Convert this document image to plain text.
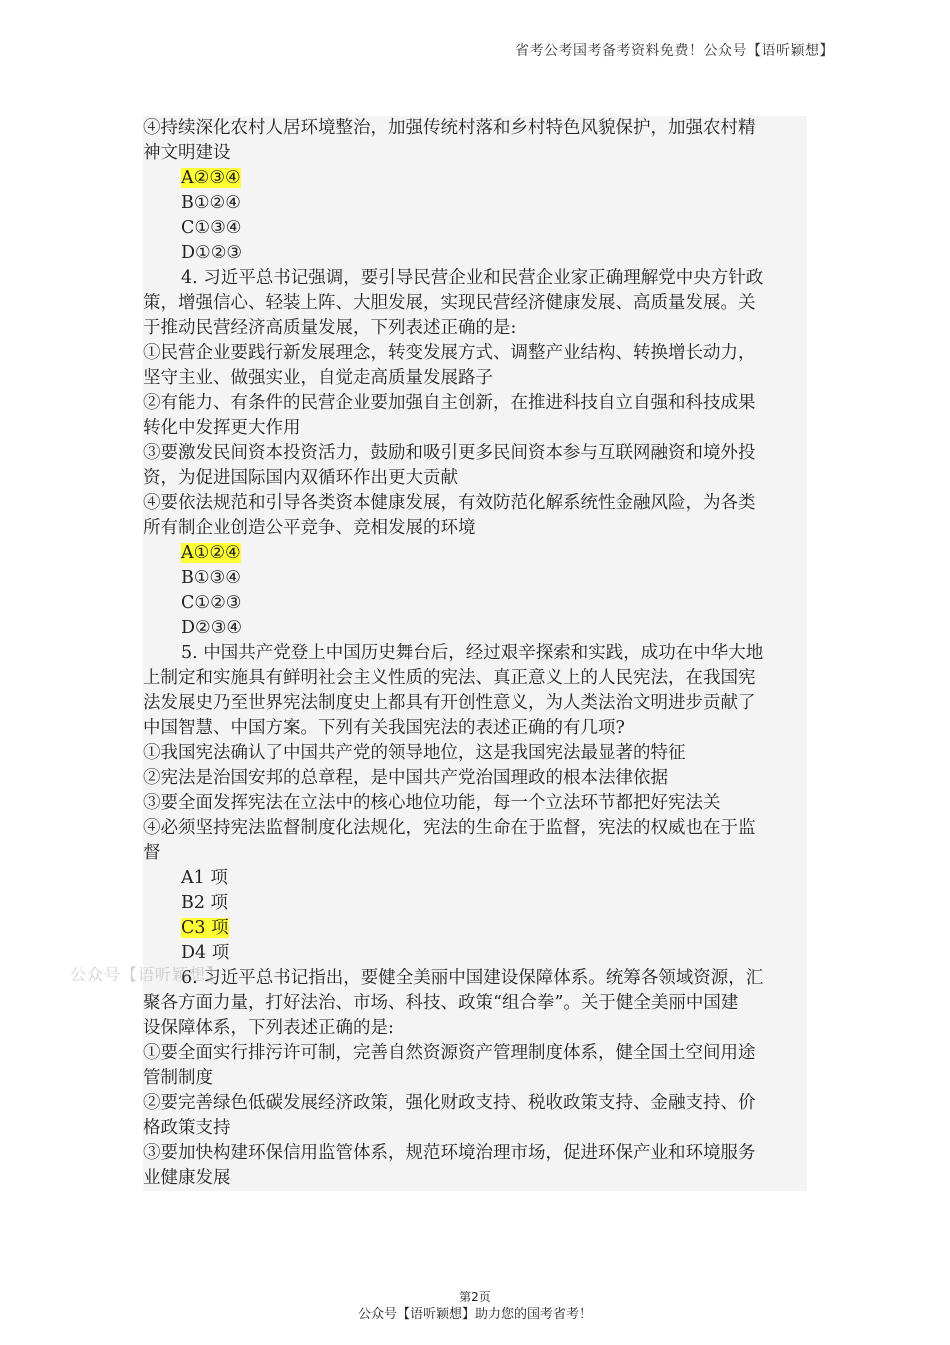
省考公考国考备考资料免费！公众号【语听颖想】
④持续深化农村人居环境整治，加强传统村落和乡村特色风貌保护，加强农村精
神文明建设
A②③④
B①②④
C①③④
D①②③
4. 习近平总书记强调，要引导民营企业和民营企业家正确理解党中央方针政
策，增强信心、轻装上阵、大胆发展，实现民营经济健康发展、高质量发展。关
于推动民营经济高质量发展，下列表述正确的是:
①民营企业要践行新发展理念，转变发展方式、调整产业结构、转换增长动力，
坚守主业、做强实业，自觉走高质量发展路子
②有能力、有条件的民营企业要加强自主创新，在推进科技自立自强和科技成果
转化中发挥更大作用
③要激发民间资本投资活力，鼓励和吸引更多民间资本参与互联网融资和境外投
资，为促进国际国内双循环作出更大贡献
④要依法规范和引导各类资本健康发展，有效防范化解系统性金融风险，为各类
所有制企业创造公平竞争、竞相发展的环境
A①②④
B①③④
C①②③
D②③④
5. 中国共产党登上中国历史舞台后，经过艰辛探索和实践，成功在中华大地
上制定和实施具有鲜明社会主义性质的宪法、真正意义上的人民宪法，在我国宪
法发展史乃至世界宪法制度史上都具有开创性意义，为人类法治文明进步贡献了
中国智慧、中国方案。下列有关我国宪法的表述正确的有几项?
①我国宪法确认了中国共产党的领导地位，这是我国宪法最显著的特征
②宪法是治国安邦的总章程，是中国共产党治国理政的根本法律依据
③要全面发挥宪法在立法中的核心地位功能，每一个立法环节都把好宪法关
④必须坚持宪法监督制度化法规化，宪法的生命在于监督，宪法的权威也在于监
督
A1 项
B2 项
C3 项
D4 项
6. 习近平总书记指出，要健全美丽中国建设保障体系。统筹各领域资源，汇
聚各方面力量，打好法治、市场、科技、政策“组合拳”。关于健全美丽中国建
设保障体系，下列表述正确的是:
①要全面实行排污许可制，完善自然资源资产管理制度体系，健全国土空间用途
管制制度
②要完善绿色低碳发展经济政策，强化财政支持、税收政策支持、金融支持、价
格政策支持
③要加快构建环保信用监管体系，规范环境治理市场，促进环保产业和环境服务
业健康发展
公众号【语听颖想】
第2页
公众号【语听颖想】助力您的国考省考！
